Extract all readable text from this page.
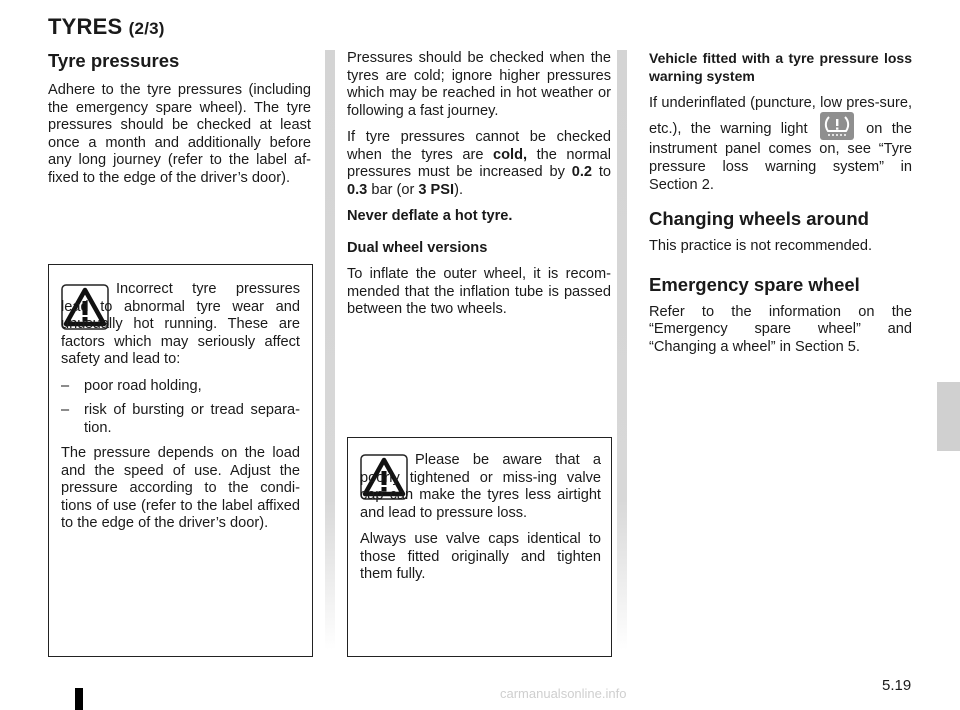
TYRES (2/3)
Tyre pressures

Adhere to the tyre pressures (including the emergency spare wheel). The tyre pressures should be checked at least once a month and additionally before any long journey (refer to the label af-fixed to the edge of the driver’s door).

Incorrect tyre pressures lead to abnormal tyre wear and unusually hot running. These are factors which may seriously affect safety and lead to:

– poor road holding,

– risk of bursting or tread separa-tion.

The pressure depends on the load and the speed of use. Adjust the pressure according to the condi-tions of use (refer to the label affixed to the edge of the driver’s door).

Pressures should be checked when the tyres are cold; ignore higher pressures which may be reached in hot weather or following a fast journey.

If tyre pressures cannot be checked when the tyres are cold, the normal pressures must be increased by 0.2 to 0.3 bar (or 3 PSI).

Never deflate a hot tyre.

Dual wheel versions

To inflate the outer wheel, it is recom-mended that the inflation tube is passed between the two wheels.

Please be aware that a poorly tightened or miss-ing valve cap can make the tyres less airtight and lead to pressure loss.

Always use valve caps identical to those fitted originally and tighten them fully.

Vehicle fitted with a tyre pressure loss warning system

If underinflated (puncture, low pres-sure, etc.), the warning light	on the instrument panel comes on, see “Tyre pressure loss warning system” in Section 2.

Changing wheels around

This practice is not recommended.

Emergency spare wheel

Refer to the information on the “Emergency spare wheel” and “Changing a wheel” in Section 5.

5.19
carmanualsonline.info
